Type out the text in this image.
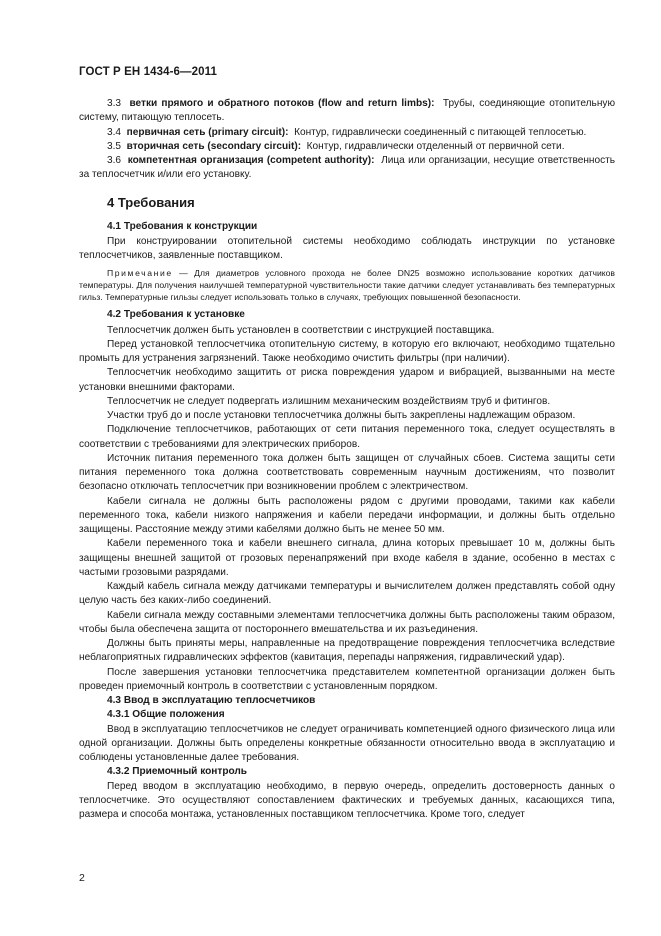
ГОСТ Р ЕН 1434-6—2011

3.3 ветки прямого и обратного потоков (flow and return limbs): Трубы, соединяющие отопительную систему, питающую теплосеть.

3.4 первичная сеть (primary circuit): Контур, гидравлически соединенный с питающей теплосетью.

3.5 вторичная сеть (secondary circuit): Контур, гидравлически отделенный от первичной сети.

3.6 компетентная организация (competent authority): Лица или организации, несущие ответственность за теплосчетчик и/или его установку.

4 Требования
4.1 Требования к конструкции

При конструировании отопительной системы необходимо соблюдать инструкции по установке теплосчетчиков, заявленные поставщиком.

Примечание — Для диаметров условного прохода не более DN25 возможно использование коротких датчиков температуры. Для получения наилучшей температурной чувствительности такие датчики следует устанавливать без температурных гильз. Температурные гильзы следует использовать только в случаях, требующих повышенной безопасности.

4.2 Требования к установке

Теплосчетчик должен быть установлен в соответствии с инструкцией поставщика.

Перед установкой теплосчетчика отопительную систему, в которую его включают, необходимо тщательно промыть для устранения загрязнений. Также необходимо очистить фильтры (при наличии).

Теплосчетчик необходимо защитить от риска повреждения ударом и вибрацией, вызванными на месте установки внешними факторами.

Теплосчетчик не следует подвергать излишним механическим воздействиям труб и фитингов.

Участки труб до и после установки теплосчетчика должны быть закреплены надлежащим образом.

Подключение теплосчетчиков, работающих от сети питания переменного тока, следует осуществлять в соответствии с требованиями для электрических приборов.

Источник питания переменного тока должен быть защищен от случайных сбоев. Система защиты сети питания переменного тока должна соответствовать современным научным достижениям, что позволит безопасно отключать теплосчетчик при возникновении проблем с электричеством.

Кабели сигнала не должны быть расположены рядом с другими проводами, такими как кабели переменного тока, кабели низкого напряжения и кабели передачи информации, и должны быть отдельно защищены. Расстояние между этими кабелями должно быть не менее 50 мм.

Кабели переменного тока и кабели внешнего сигнала, длина которых превышает 10 м, должны быть защищены внешней защитой от грозовых перенапряжений при входе кабеля в здание, особенно в местах с частыми грозовыми разрядами.

Каждый кабель сигнала между датчиками температуры и вычислителем должен представлять собой одну целую часть без каких-либо соединений.

Кабели сигнала между составными элементами теплосчетчика должны быть расположены таким образом, чтобы была обеспечена защита от постороннего вмешательства и их разъединения.

Должны быть приняты меры, направленные на предотвращение повреждения теплосчетчика вследствие неблагоприятных гидравлических эффектов (кавитация, перепады напряжения, гидравлический удар).

После завершения установки теплосчетчика представителем компетентной организации должен быть проведен приемочный контроль в соответствии с установленным порядком.

4.3 Ввод в эксплуатацию теплосчетчиков
4.3.1 Общие положения

Ввод в эксплуатацию теплосчетчиков не следует ограничивать компетенцией одного физического лица или одной организации. Должны быть определены конкретные обязанности относительно ввода в эксплуатацию и соблюдены установленные далее требования.

4.3.2 Приемочный контроль

Перед вводом в эксплуатацию необходимо, в первую очередь, определить достоверность данных о теплосчетчике. Это осуществляют сопоставлением фактических и требуемых данных, касающихся типа, размера и способа монтажа, установленных поставщиком теплосчетчика. Кроме того, следует

2
